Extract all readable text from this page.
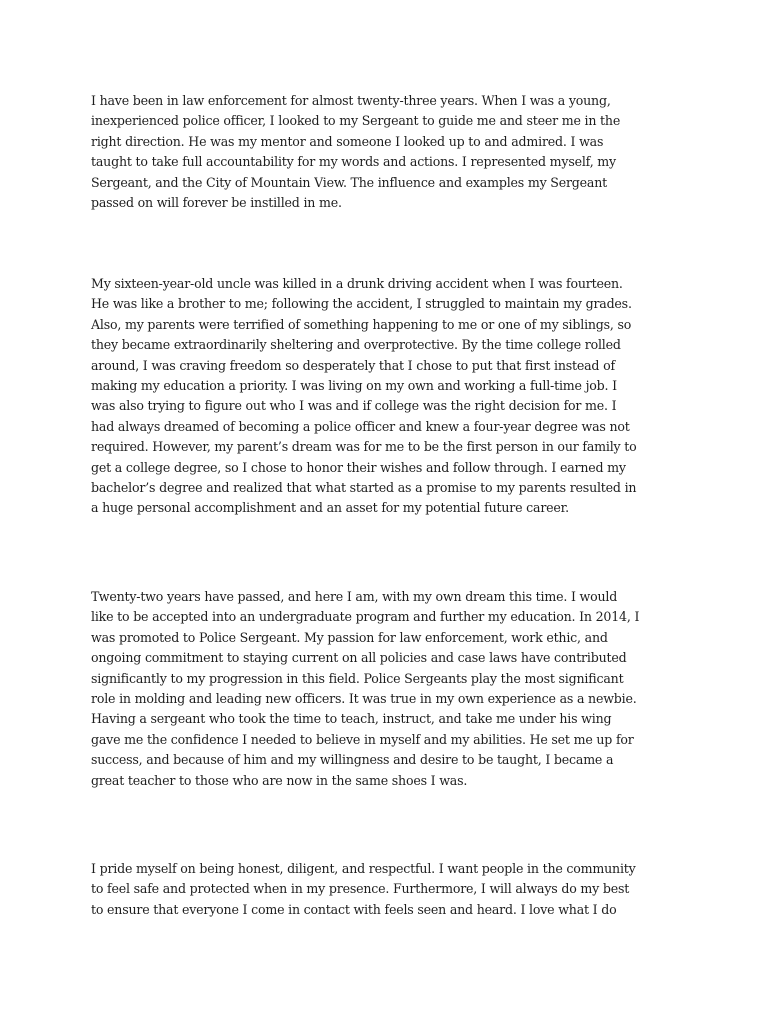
I have been in law enforcement for almost twenty-three years. When I was a young,
inexperienced police officer, I looked to my Sergeant to guide me and steer me in the
right direction. He was my mentor and someone I looked up to and admired. I was
taught to take full accountability for my words and actions. I represented myself, my
Sergeant, and the City of Mountain View. The influence and examples my Sergeant
passed on will forever be instilled in me.

My sixteen-year-old uncle was killed in a drunk driving accident when I was fourteen.
He was like a brother to me; following the accident, I struggled to maintain my grades.
Also, my parents were terrified of something happening to me or one of my siblings, so
they became extraordinarily sheltering and overprotective. By the time college rolled
around, I was craving freedom so desperately that I chose to put that first instead of
making my education a priority. I was living on my own and working a full-time job. I
was also trying to figure out who I was and if college was the right decision for me. I
had always dreamed of becoming a police officer and knew a four-year degree was not
required. However, my parent’s dream was for me to be the first person in our family to
get a college degree, so I chose to honor their wishes and follow through. I earned my
bachelor’s degree and realized that what started as a promise to my parents resulted in
a huge personal accomplishment and an asset for my potential future career.

Twenty-two years have passed, and here I am, with my own dream this time. I would
like to be accepted into an undergraduate program and further my education. In 2014, I
was promoted to Police Sergeant. My passion for law enforcement, work ethic, and
ongoing commitment to staying current on all policies and case laws have contributed
significantly to my progression in this field. Police Sergeants play the most significant
role in molding and leading new officers. It was true in my own experience as a newbie.
Having a sergeant who took the time to teach, instruct, and take me under his wing
gave me the confidence I needed to believe in myself and my abilities. He set me up for
success, and because of him and my willingness and desire to be taught, I became a
great teacher to those who are now in the same shoes I was.

I pride myself on being honest, diligent, and respectful. I want people in the community
to feel safe and protected when in my presence. Furthermore, I will always do my best
to ensure that everyone I come in contact with feels seen and heard. I love what I do
